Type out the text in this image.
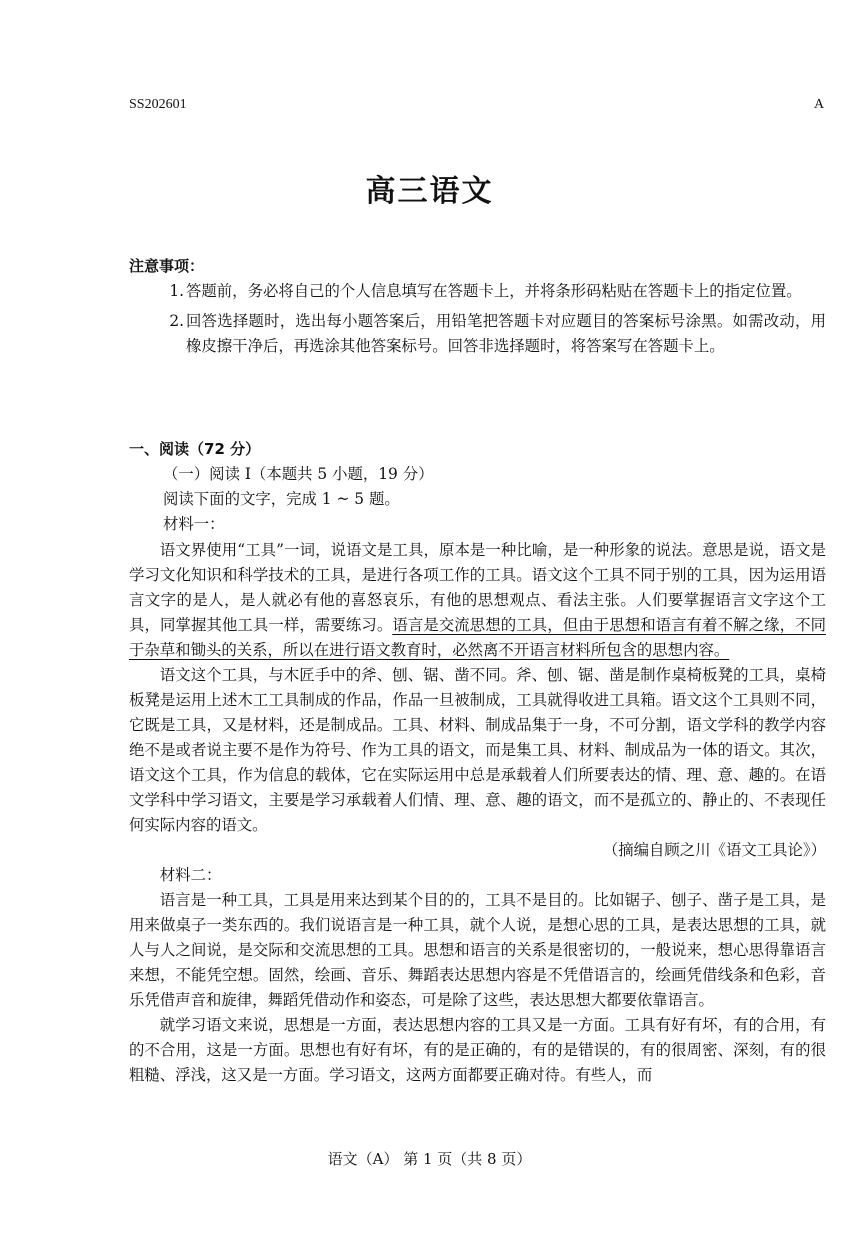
SS202601	A
高三语文
注意事项：
1. 答题前，务必将自己的个人信息填写在答题卡上，并将条形码粘贴在答题卡上的指定位置。
2. 回答选择题时，选出每小题答案后，用铅笔把答题卡对应题目的答案标号涂黑。如需改动，用橡皮擦干净后，再选涂其他答案标号。回答非选择题时，将答案写在答题卡上。
一、阅读（72 分）
（一）阅读 I（本题共 5 小题，19 分）
阅读下面的文字，完成 1 ~ 5 题。
材料一：

语文界使用“工具”一词，说语文是工具，原本是一种比喻，是一种形象的说法。意思是说，语文是学习文化知识和科学技术的工具，是进行各项工作的工具。语文这个工具不同于别的工具，因为运用语言文字的是人，是人就必有他的喜怒哀乐，有他的思想观点、看法主张。人们要掌握语言文字这个工具，同掌握其他工具一样，需要练习。语言是交流思想的工具，但由于思想和语言有着不解之缘，不同于杂草和锄头的关系，所以在进行语文教育时，必然离不开语言材料所包含的思想内容。

语文这个工具，与木匠手中的斧、刨、锯、凿不同。斧、刨、锯、凿是制作桌椅板凳的工具，桌椅板凳是运用上述木工工具制成的作品，作品一旦被制成，工具就得收进工具箱。语文这个工具则不同，它既是工具，又是材料，还是制成品。工具、材料、制成品集于一身，不可分割，语文学科的教学内容绝不是或者说主要不是作为符号、作为工具的语文，而是集工具、材料、制成品为一体的语文。其次，语文这个工具，作为信息的载体，它在实际运用中总是承载着人们所要表达的情、理、意、趣的。在语文学科中学习语文，主要是学习承载着人们情、理、意、趣的语文，而不是孤立的、静止的、不表现任何实际内容的语文。

（摘编自顾之川《语文工具论》）

材料二：

语言是一种工具，工具是用来达到某个目的的，工具不是目的。比如锯子、刨子、凿子是工具，是用来做桌子一类东西的。我们说语言是一种工具，就个人说，是想心思的工具，是表达思想的工具，就人与人之间说，是交际和交流思想的工具。思想和语言的关系是很密切的，一般说来，想心思得靠语言来想，不能凭空想。固然，绘画、音乐、舞蹈表达思想内容是不凭借语言的，绘画凭借线条和色彩，音乐凭借声音和旋律，舞蹈凭借动作和姿态，可是除了这些，表达思想大都要依靠语言。

就学习语文来说，思想是一方面，表达思想内容的工具又是一方面。工具有好有坏，有的合用，有的不合用，这是一方面。思想也有好有坏，有的是正确的，有的是错误的，有的很周密、深刻，有的很粗糙、浮浅，这又是一方面。学习语文，这两方面都要正确对待。有些人，而

语文（A） 第 1 页（共 8 页）
